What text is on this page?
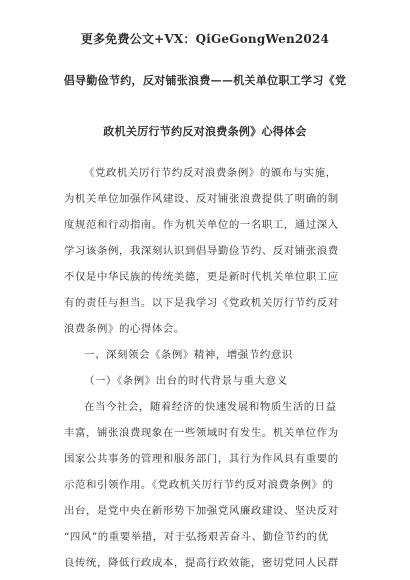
更多免费公文+VX：QiGeGongWen2024
倡导勤俭节约，反对铺张浪费——机关单位职工学习《党
政机关厉行节约反对浪费条例》心得体会
《党政机关厉行节约反对浪费条例》的颁布与实施，
为机关单位加强作风建设、反对铺张浪费提供了明确的制
度规范和行动指南。作为机关单位的一名职工，通过深入
学习该条例，我深刻认识到倡导勤俭节约、反对铺张浪费
不仅是中华民族的传统美德，更是新时代机关单位职工应
有的责任与担当。以下是我学习《党政机关厉行节约反对
浪费条例》的心得体会。
一、深刻领会《条例》精神，增强节约意识
（一）《条例》出台的时代背景与重大意义
在当今社会，随着经济的快速发展和物质生活的日益
丰富，铺张浪费现象在一些领域时有发生。机关单位作为
国家公共事务的管理和服务部门，其行为作风具有重要的
示范和引领作用。《党政机关厉行节约反对浪费条例》的
出台，是党中央在新形势下加强党风廉政建设、坚决反对
“四风”的重要举措，对于弘扬艰苦奋斗、勤俭节约的优
良传统，降低行政成本，提高行政效能，密切党同人民群
